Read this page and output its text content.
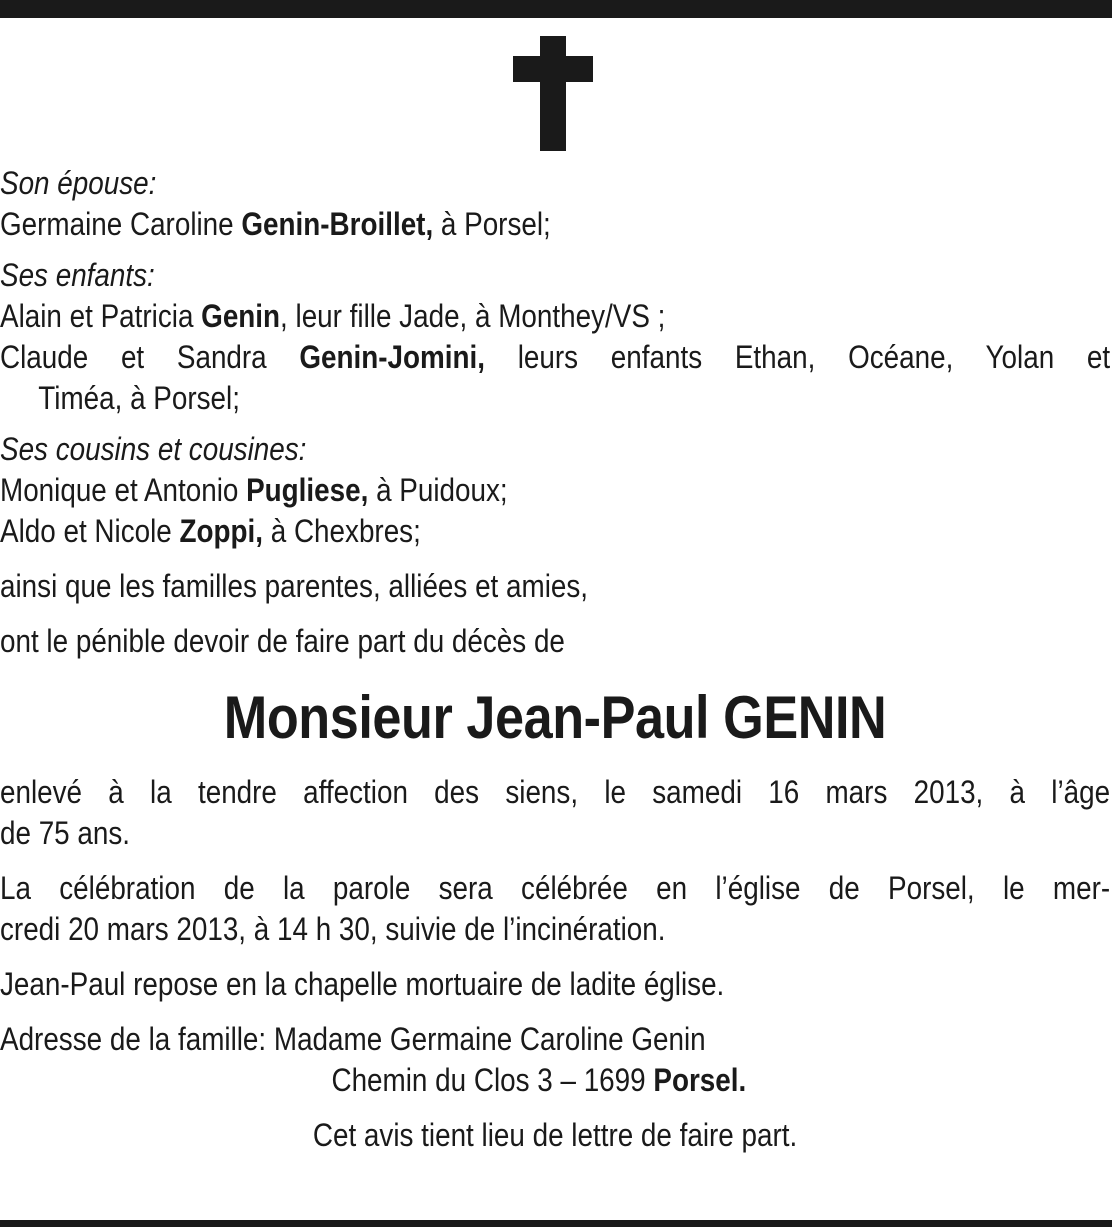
Son épouse:

Germaine Caroline Genin-Broillet, à Porsel;

Ses enfants:

Alain et Patricia Genin, leur fille Jade, à Monthey/VS ;

Claude et Sandra Genin-Jomini, leurs enfants Ethan, Océane, Yolan et

Timéa, à Porsel;

Ses cousins et cousines:

Monique et Antonio Pugliese, à Puidoux;

Aldo et Nicole Zoppi, à Chexbres;

ainsi que les familles parentes, alliées et amies,

ont le pénible devoir de faire part du décès de

Monsieur Jean-Paul GENIN

enlevé à la tendre affection des siens, le samedi 16 mars 2013, à l’âge

de 75 ans.

La célébration de la parole sera célébrée en l’église de Porsel, le mer-

credi 20 mars 2013, à 14 h 30, suivie de l’incinération.

Jean-Paul repose en la chapelle mortuaire de ladite église.

Adresse de la famille: Madame Germaine Caroline Genin

Chemin du Clos 3 – 1699 Porsel.

Cet avis tient lieu de lettre de faire part.
